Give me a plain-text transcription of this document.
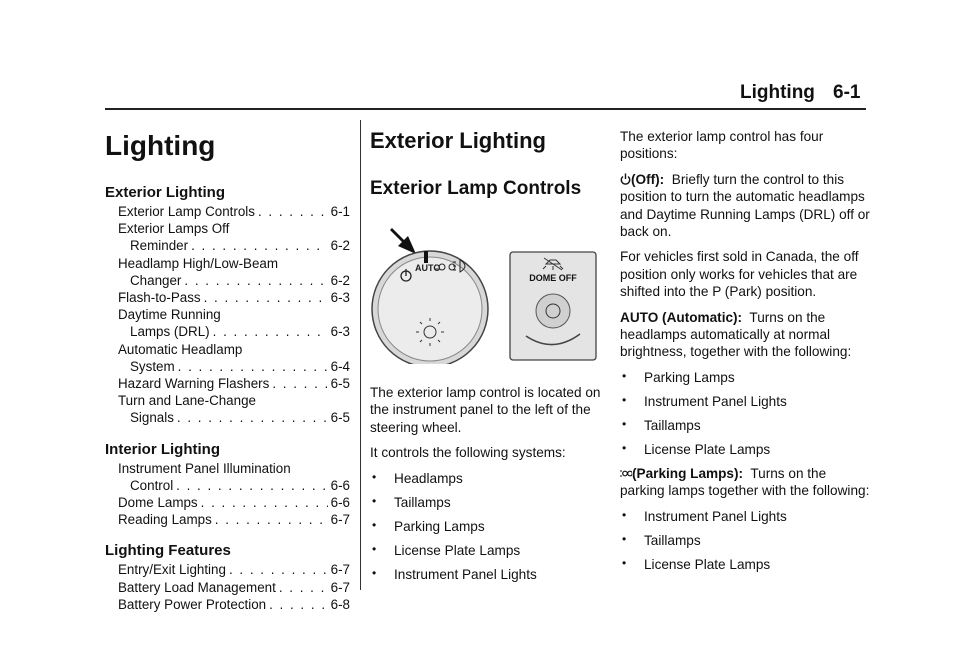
Lighting 6-1
Lighting
Exterior Lighting
Exterior Lamp Controls . . .	6-1
Exterior Lamps Off
Reminder . . .	6-2
Headlamp High/Low-Beam
Changer . . .	6-2
Flash-to-Pass . . .	6-3
Daytime Running
Lamps (DRL) . . .	6-3
Automatic Headlamp
System . . .	6-4
Hazard Warning Flashers . . .	6-5
Turn and Lane-Change
Signals . . .	6-5
Interior Lighting
Instrument Panel Illumination
Control . . .	6-6
Dome Lamps . . .	6-6
Reading Lamps . . .	6-7
Lighting Features
Entry/Exit Lighting . . .	6-7
Battery Load Management . . .	6-7
Battery Power Protection . . .	6-8
Exterior Lighting
Exterior Lamp Controls
AUTO
DOME OFF

The exterior lamp control is located on the instrument panel to the left of the steering wheel.

It controls the following systems:

• Headlamps
• Taillamps
• Parking Lamps
• License Plate Lamps
• Instrument Panel Lights

The exterior lamp control has four positions:

(Off): Briefly turn the control to this position to turn the automatic headlamps and Daytime Running Lamps (DRL) off or back on.

For vehicles first sold in Canada, the off position only works for vehicles that are shifted into the P (Park) position.

AUTO (Automatic): Turns on the headlamps automatically at normal brightness, together with the following:

• Parking Lamps
• Instrument Panel Lights
• Taillamps
• License Plate Lamps

(Parking Lamps): Turns on the parking lamps together with the following:

• Instrument Panel Lights
• Taillamps
• License Plate Lamps
